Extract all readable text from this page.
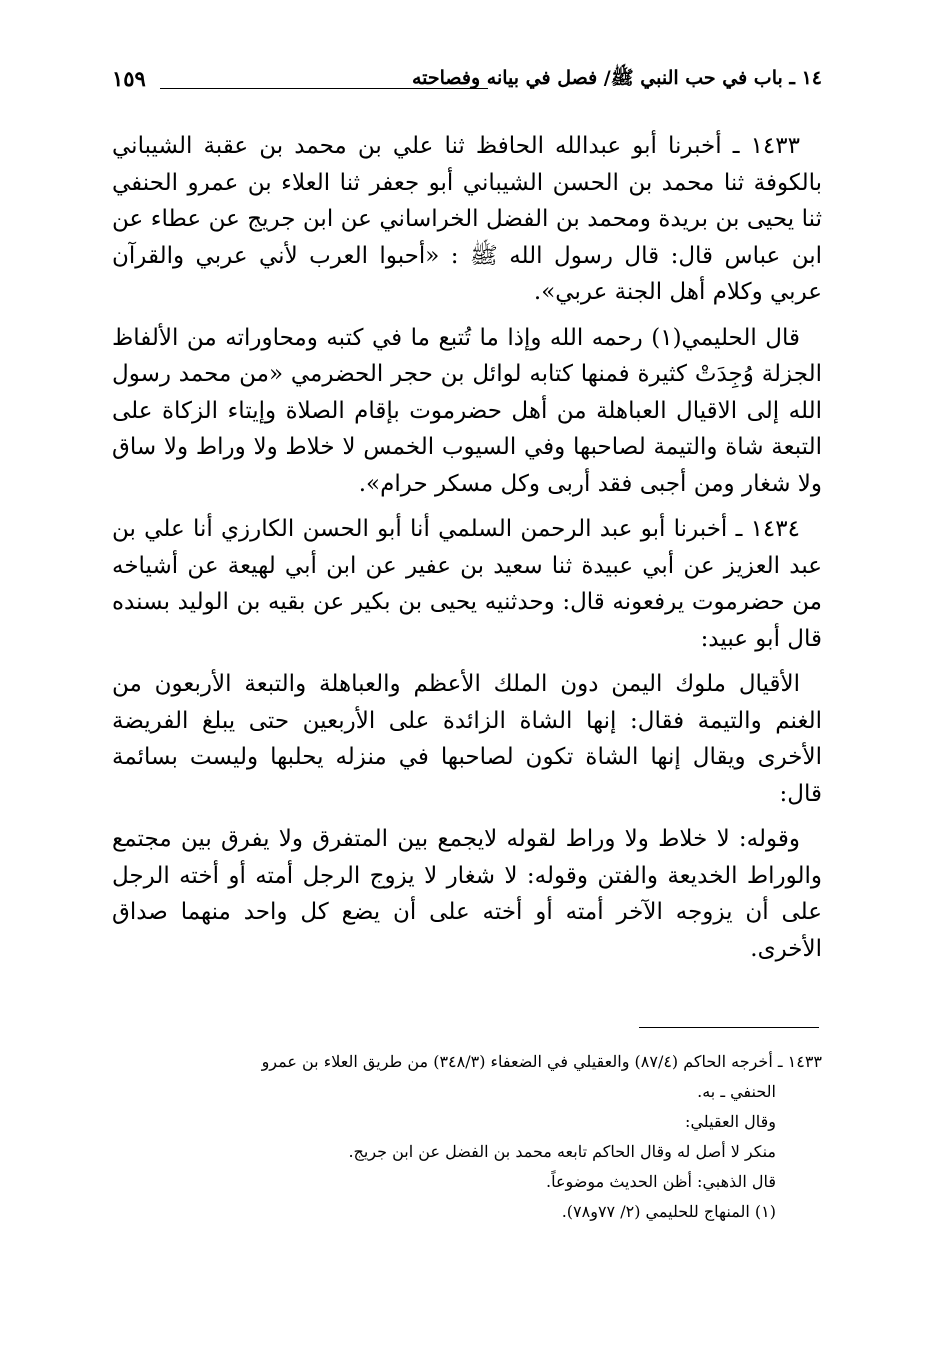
١٤ ـ باب في حب النبي ﷺ/ فصل في بيانه وفصاحته
١٥٩

١٤٣٣ ـ أخبرنا أبو عبدالله الحافظ ثنا علي بن محمد بن عقبة الشيباني بالكوفة ثنا محمد بن الحسن الشيباني أبو جعفر ثنا العلاء بن عمرو الحنفي ثنا يحيى بن بريدة ومحمد بن الفضل الخراساني عن ابن جريج عن عطاء عن ابن عباس قال: قال رسول الله ﷺ : «أحبوا العرب لأني عربي والقرآن عربي وكلام أهل الجنة عربي».

قال الحليمي(١) رحمه الله وإذا ما تُتبع ما في كتبه ومحاوراته من الألفاظ الجزلة وُجِدَتْ كثيرة فمنها كتابه لوائل بن حجر الحضرمي «من محمد رسول الله إلى الاقيال العباهلة من أهل حضرموت بإقام الصلاة وإيتاء الزكاة على التبعة شاة والتيمة لصاحبها وفي السيوب الخمس لا خلاط ولا وراط ولا ساق ولا شغار ومن أجبى فقد أربى وكل مسكر حرام».

١٤٣٤ ـ أخبرنا أبو عبد الرحمن السلمي أنا أبو الحسن الكارزي أنا علي بن عبد العزيز عن أبي عبيدة ثنا سعيد بن عفير عن ابن أبي لهيعة عن أشياخه من حضرموت يرفعونه قال: وحدثنيه يحيى بن بكير عن بقيه بن الوليد بسنده قال أبو عبيد:

الأقيال ملوك اليمن دون الملك الأعظم والعباهلة والتبعة الأربعون من الغنم والتيمة فقال: إنها الشاة الزائدة على الأربعين حتى يبلغ الفريضة الأخرى ويقال إنها الشاة تكون لصاحبها في منزله يحلبها وليست بسائمة قال:

وقوله: لا خلاط ولا وراط لقوله لايجمع بين المتفرق ولا يفرق بين مجتمع والوراط الخديعة والفتن وقوله: لا شغار لا يزوج الرجل أمته أو أخته الرجل على أن يزوجه الآخر أمته أو أخته على أن يضع كل واحد منهما صداق الأخرى.

١٤٣٣ ـ أخرجه الحاكم (٨٧/٤) والعقيلي في الضعفاء (٣٤٨/٣) من طريق العلاء بن عمرو

الحنفي ـ به.

وقال العقيلي:

منكر لا أصل له وقال الحاكم تابعه محمد بن الفضل عن ابن جريج.

قال الذهبي: أظن الحديث موضوعاً.

(١) المنهاج للحليمي (٢/ ٧٧و٧٨).
